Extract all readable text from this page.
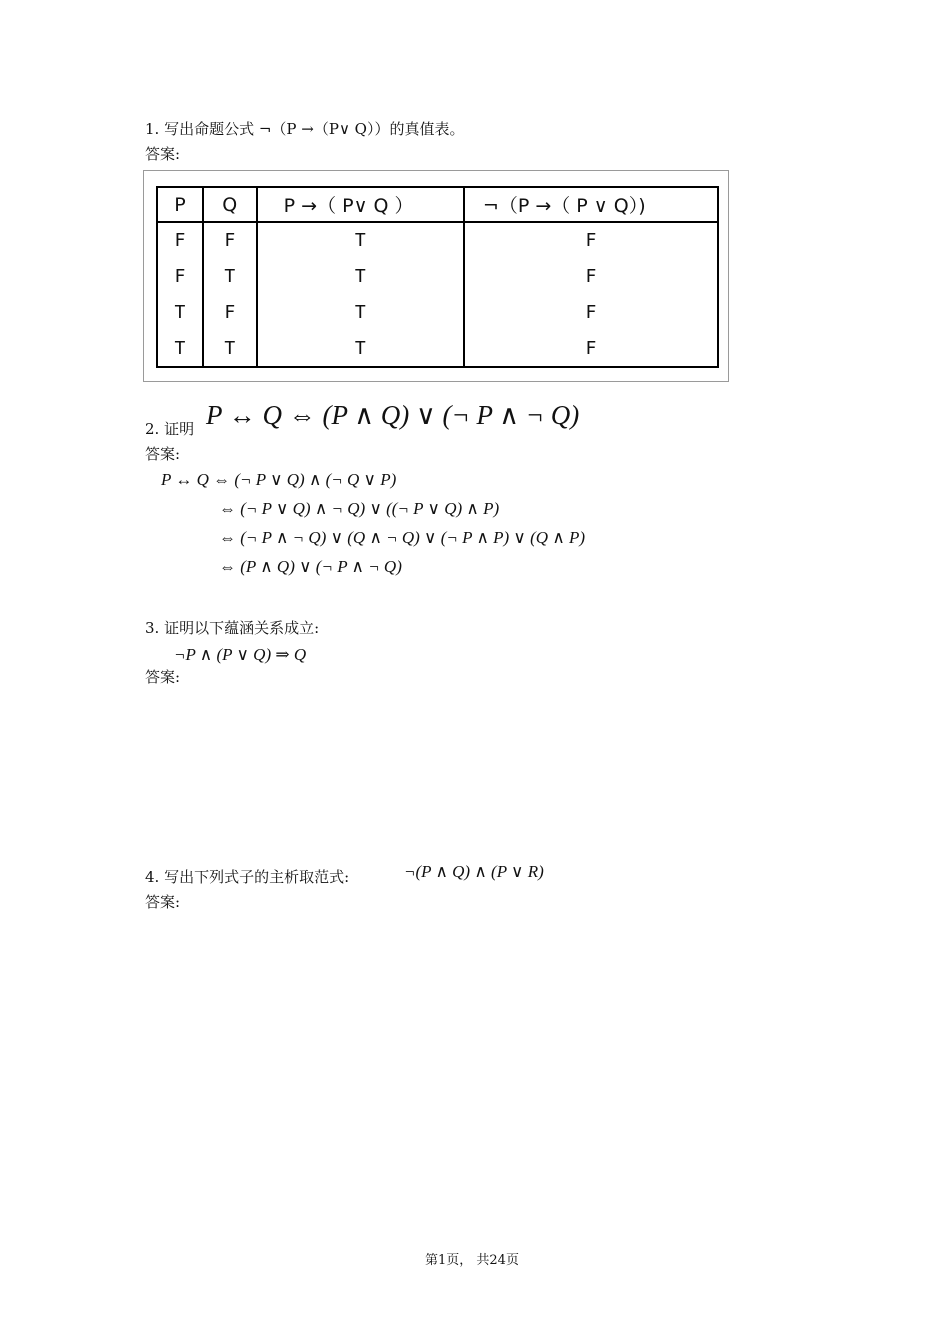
1. 写出命题公式 ¬（P →（P∨ Q））的真值表。
答案:
P	Q	P →（ P∨ Q ）	¬（P →（ P ∨ Q）)
F	F	T	F
F	T	T	F
T	F	T	F
T	T	T	F
2. 证明 P ↔ Q ⇔ (P ∧ Q) ∨ (¬ P ∧ ¬ Q)
答案:
P ↔ Q ⇔ (¬ P ∨ Q) ∧ (¬ Q ∨ P)
⇔ (¬ P ∨ Q) ∧ ¬ Q) ∨ ((¬ P ∨ Q) ∧ P)
⇔ (¬ P ∧ ¬ Q) ∨ (Q ∧ ¬ Q) ∨ (¬ P ∧ P) ∨ (Q ∧ P)
⇔ (P ∧ Q) ∨ (¬ P ∧ ¬ Q)
3. 证明以下蕴涵关系成立:
¬P ∧ (P ∨ Q) ⇒ Q
答案:
4. 写出下列式子的主析取范式:	¬(P ∧ Q) ∧ (P ∨ R)
答案:
第1页， 共24页
